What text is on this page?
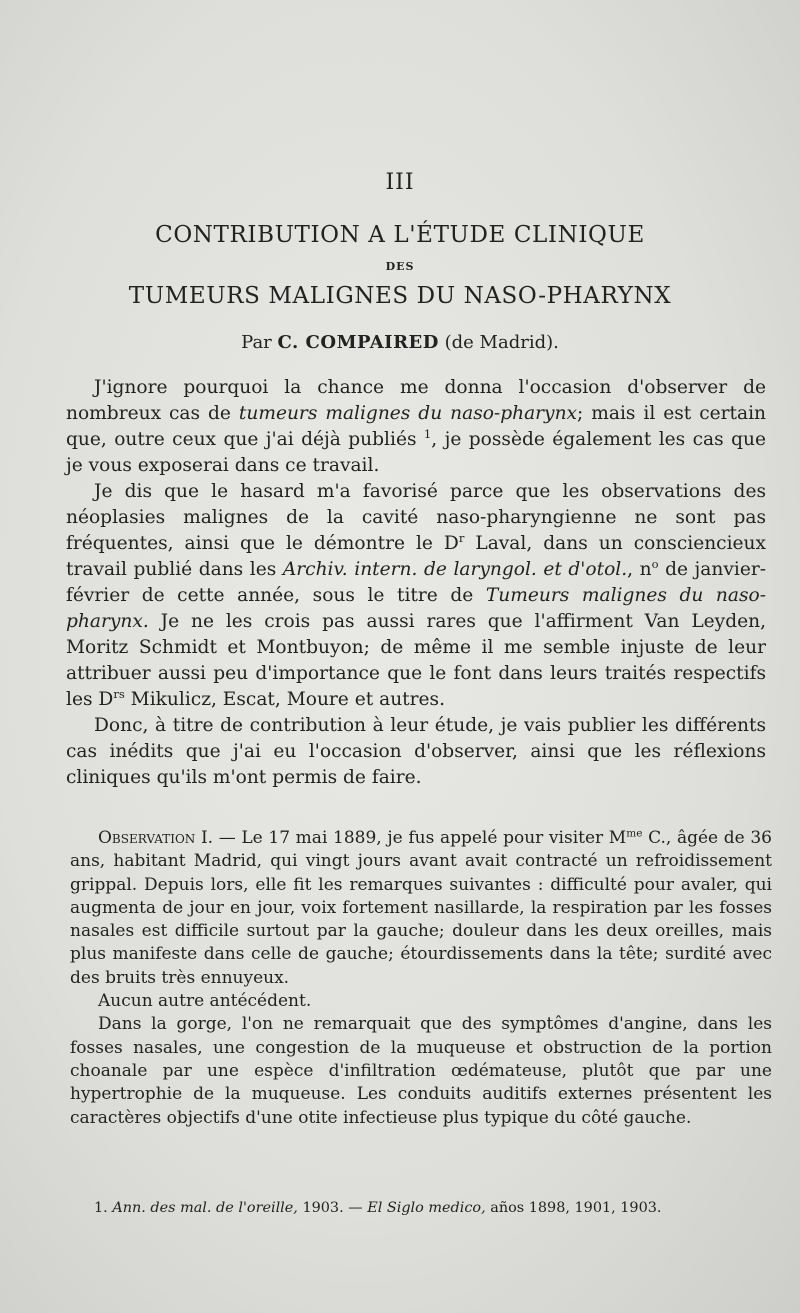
III
CONTRIBUTION A L'ÉTUDE CLINIQUE
DES
TUMEURS MALIGNES DU NASO-PHARYNX
Par C. COMPAIRED (de Madrid).

J'ignore pourquoi la chance me donna l'occasion d'observer de nombreux cas de tumeurs malignes du naso-pharynx; mais il est certain que, outre ceux que j'ai déjà publiés $^1$, je possède également les cas que je vous exposerai dans ce travail.

Je dis que le hasard m'a favorisé parce que les observations des néoplasies malignes de la cavité naso-pharyngienne ne sont pas fréquentes, ainsi que le démontre le $D^r$ Laval, dans un consciencieux travail publié dans les Archiv. intern. de laryngol. et d'otol., $n^o$ de janvier-février de cette année, sous le titre de Tumeurs malignes du naso-pharynx. Je ne les crois pas aussi rares que l'affirment Van Leyden, Moritz Schmidt et Montbuyon; de même il me semble injuste de leur attribuer aussi peu d'importance que le font dans leurs traités respectifs les $D^{rs}$ Mikulicz, Escat, Moure et autres.

Donc, à titre de contribution à leur étude, je vais publier les différents cas inédits que j'ai eu l'occasion d'observer, ainsi que les réflexions cliniques qu'ils m'ont permis de faire.

Observation I. — Le 17 mai 1889, je fus appelé pour visiter $M^{me}$ C., âgée de 36 ans, habitant Madrid, qui vingt jours avant avait contracté un refroidissement grippal. Depuis lors, elle fit les remarques suivantes : difficulté pour avaler, qui augmenta de jour en jour, voix fortement nasillarde, la respiration par les fosses nasales est difficile surtout par la gauche; douleur dans les deux oreilles, mais plus manifeste dans celle de gauche; étourdissements dans la tête; surdité avec des bruits très ennuyeux.

Aucun autre antécédent.

Dans la gorge, l'on ne remarquait que des symptômes d'angine, dans les fosses nasales, une congestion de la muqueuse et obstruction de la portion choanale par une espèce d'infiltration œdémateuse, plutôt que par une hypertrophie de la muqueuse. Les conduits auditifs externes présentent les caractères objectifs d'une otite infectieuse plus typique du côté gauche.

1. Ann. des mal. de l'oreille, 1903. — El Siglo medico, años 1898, 1901, 1903.
